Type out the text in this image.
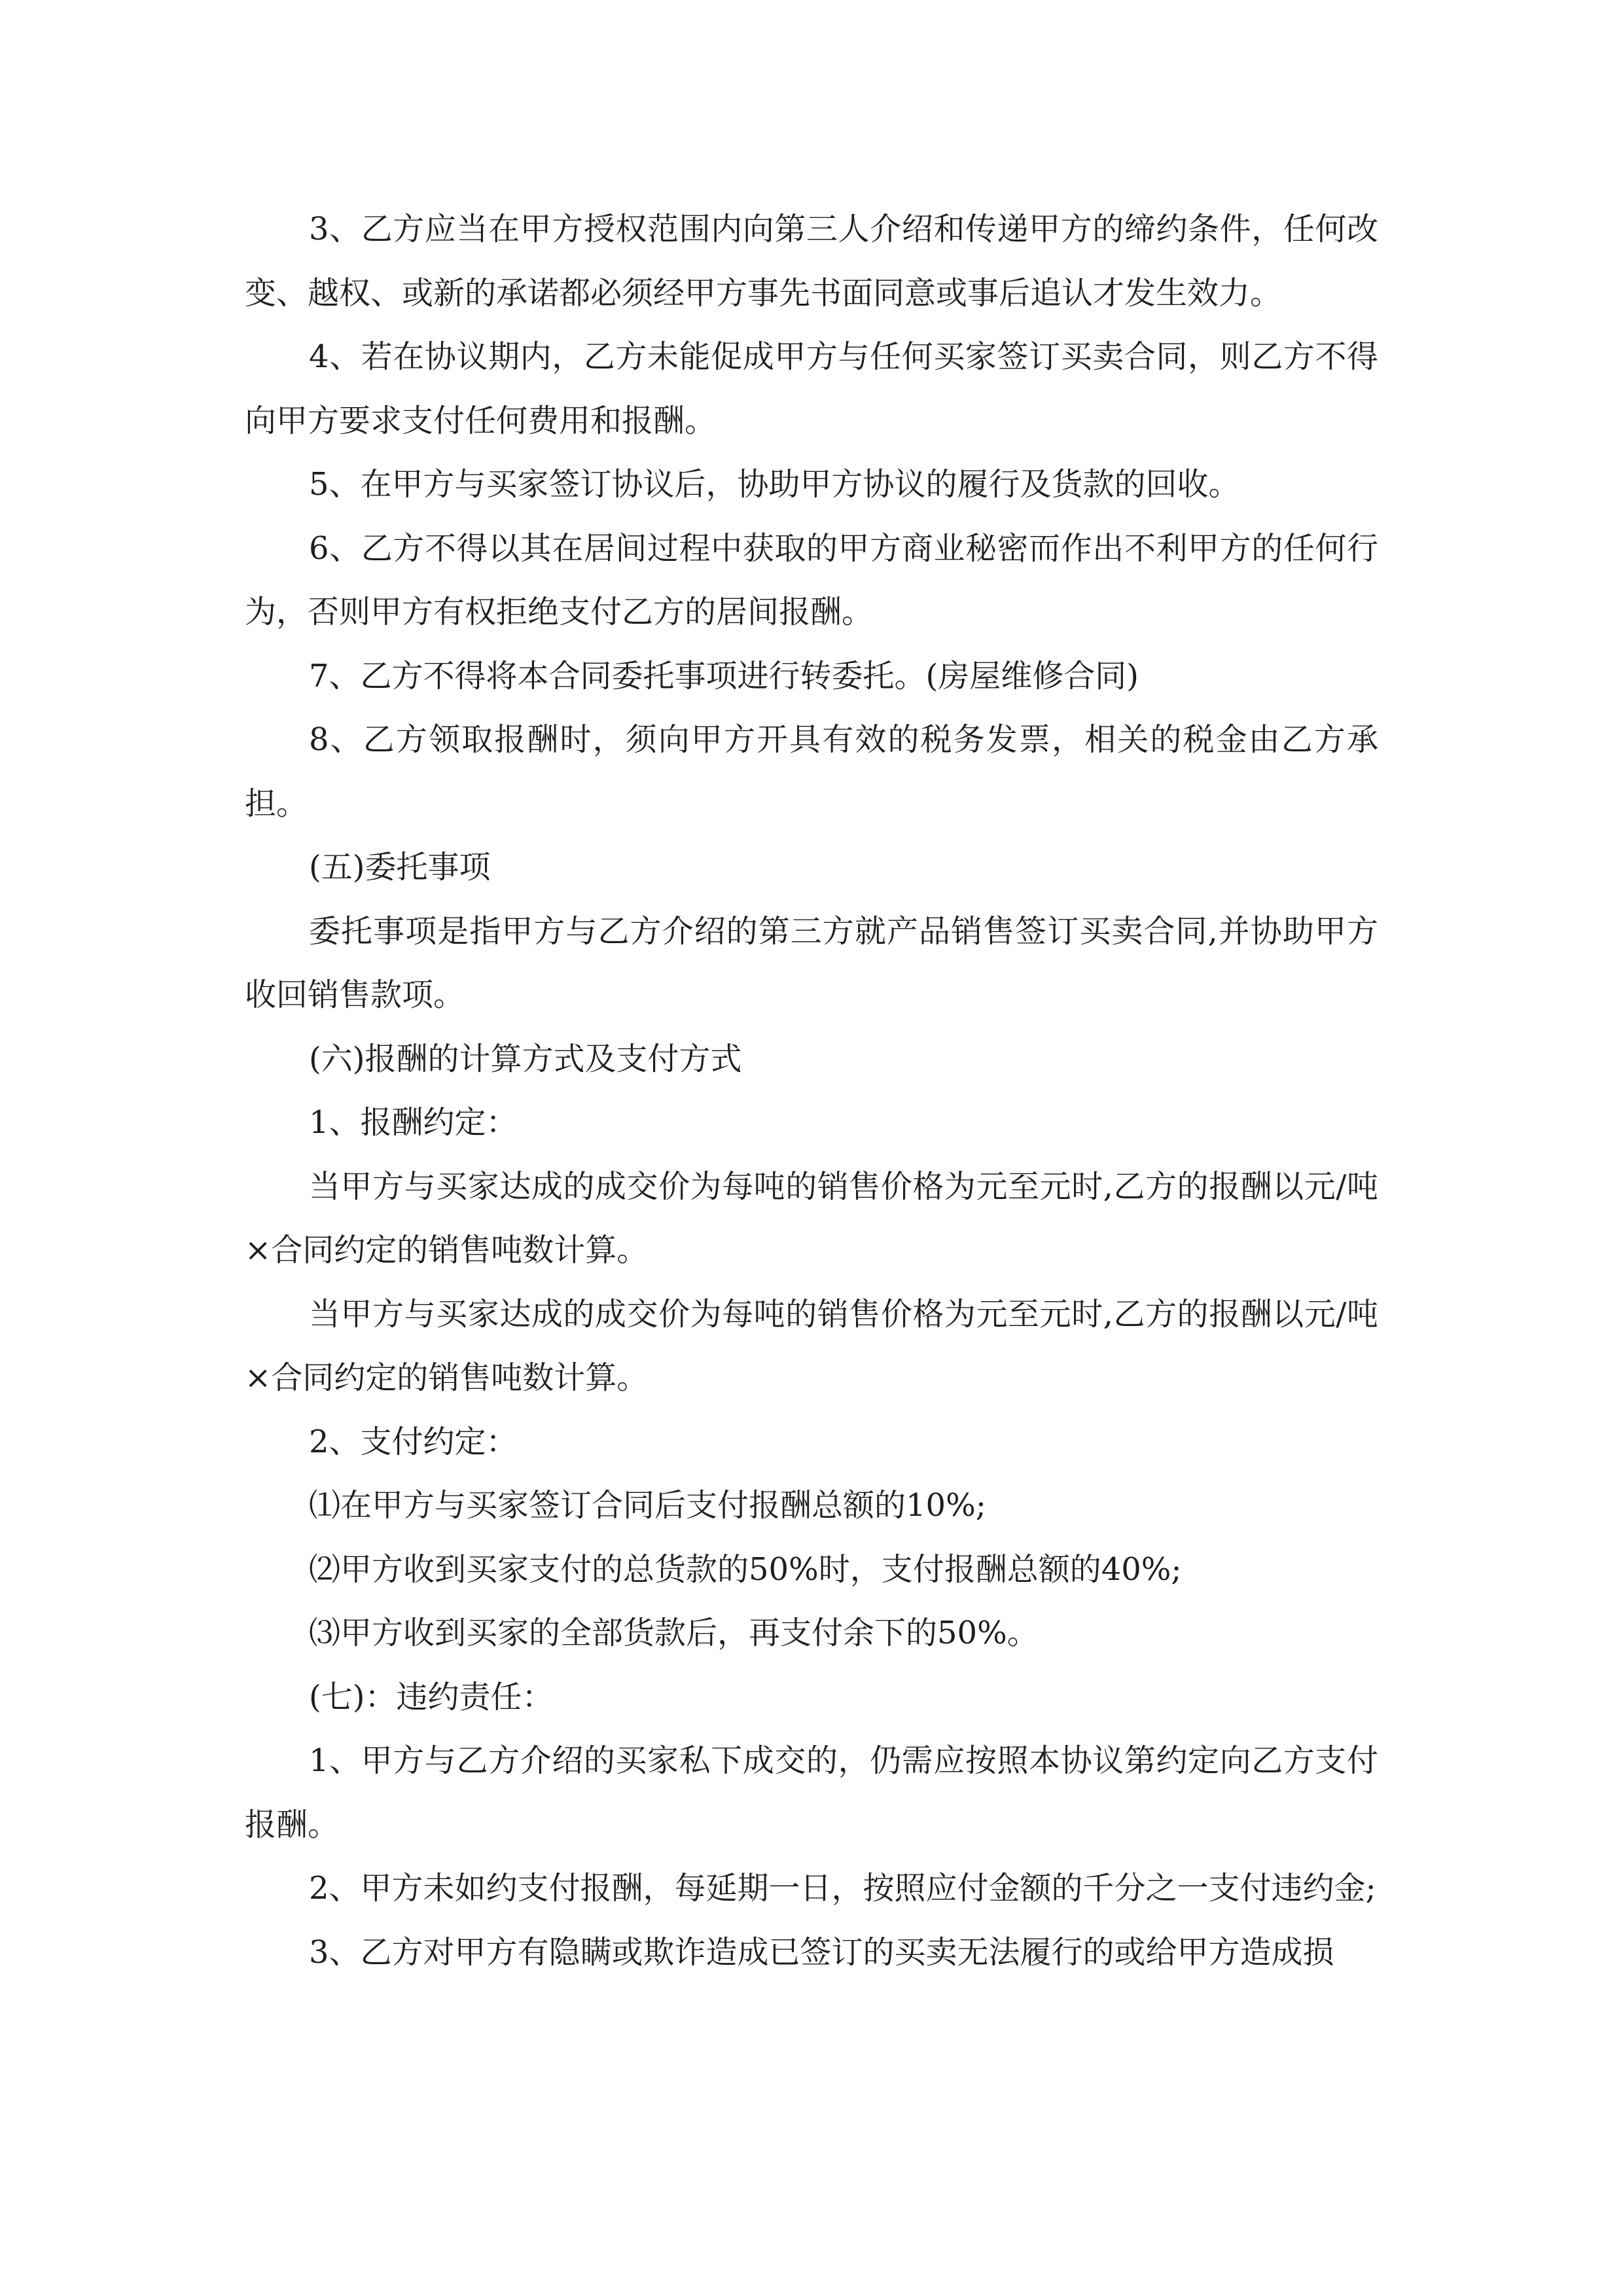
3、乙方应当在甲方授权范围内向第三人介绍和传递甲方的缔约条件，任何改变、越权、或新的承诺都必须经甲方事先书面同意或事后追认才发生效力。

4、若在协议期内，乙方未能促成甲方与任何买家签订买卖合同，则乙方不得向甲方要求支付任何费用和报酬。

5、在甲方与买家签订协议后，协助甲方协议的履行及货款的回收。

6、乙方不得以其在居间过程中获取的甲方商业秘密而作出不利甲方的任何行为，否则甲方有权拒绝支付乙方的居间报酬。

7、乙方不得将本合同委托事项进行转委托。(房屋维修合同)

8、乙方领取报酬时，须向甲方开具有效的税务发票，相关的税金由乙方承担。

(五)委托事项

委托事项是指甲方与乙方介绍的第三方就产品销售签订买卖合同,并协助甲方收回销售款项。

(六)报酬的计算方式及支付方式

1、报酬约定：

当甲方与买家达成的成交价为每吨的销售价格为元至元时,乙方的报酬以元/吨×合同约定的销售吨数计算。

当甲方与买家达成的成交价为每吨的销售价格为元至元时,乙方的报酬以元/吨×合同约定的销售吨数计算。

2、支付约定：

⑴在甲方与买家签订合同后支付报酬总额的10%;

⑵甲方收到买家支付的总货款的50%时，支付报酬总额的40%;

⑶甲方收到买家的全部货款后，再支付余下的50%。

(七)：违约责任：

1、甲方与乙方介绍的买家私下成交的，仍需应按照本协议第约定向乙方支付报酬。

2、甲方未如约支付报酬，每延期一日，按照应付金额的千分之一支付违约金;

3、乙方对甲方有隐瞒或欺诈造成已签订的买卖无法履行的或给甲方造成损
